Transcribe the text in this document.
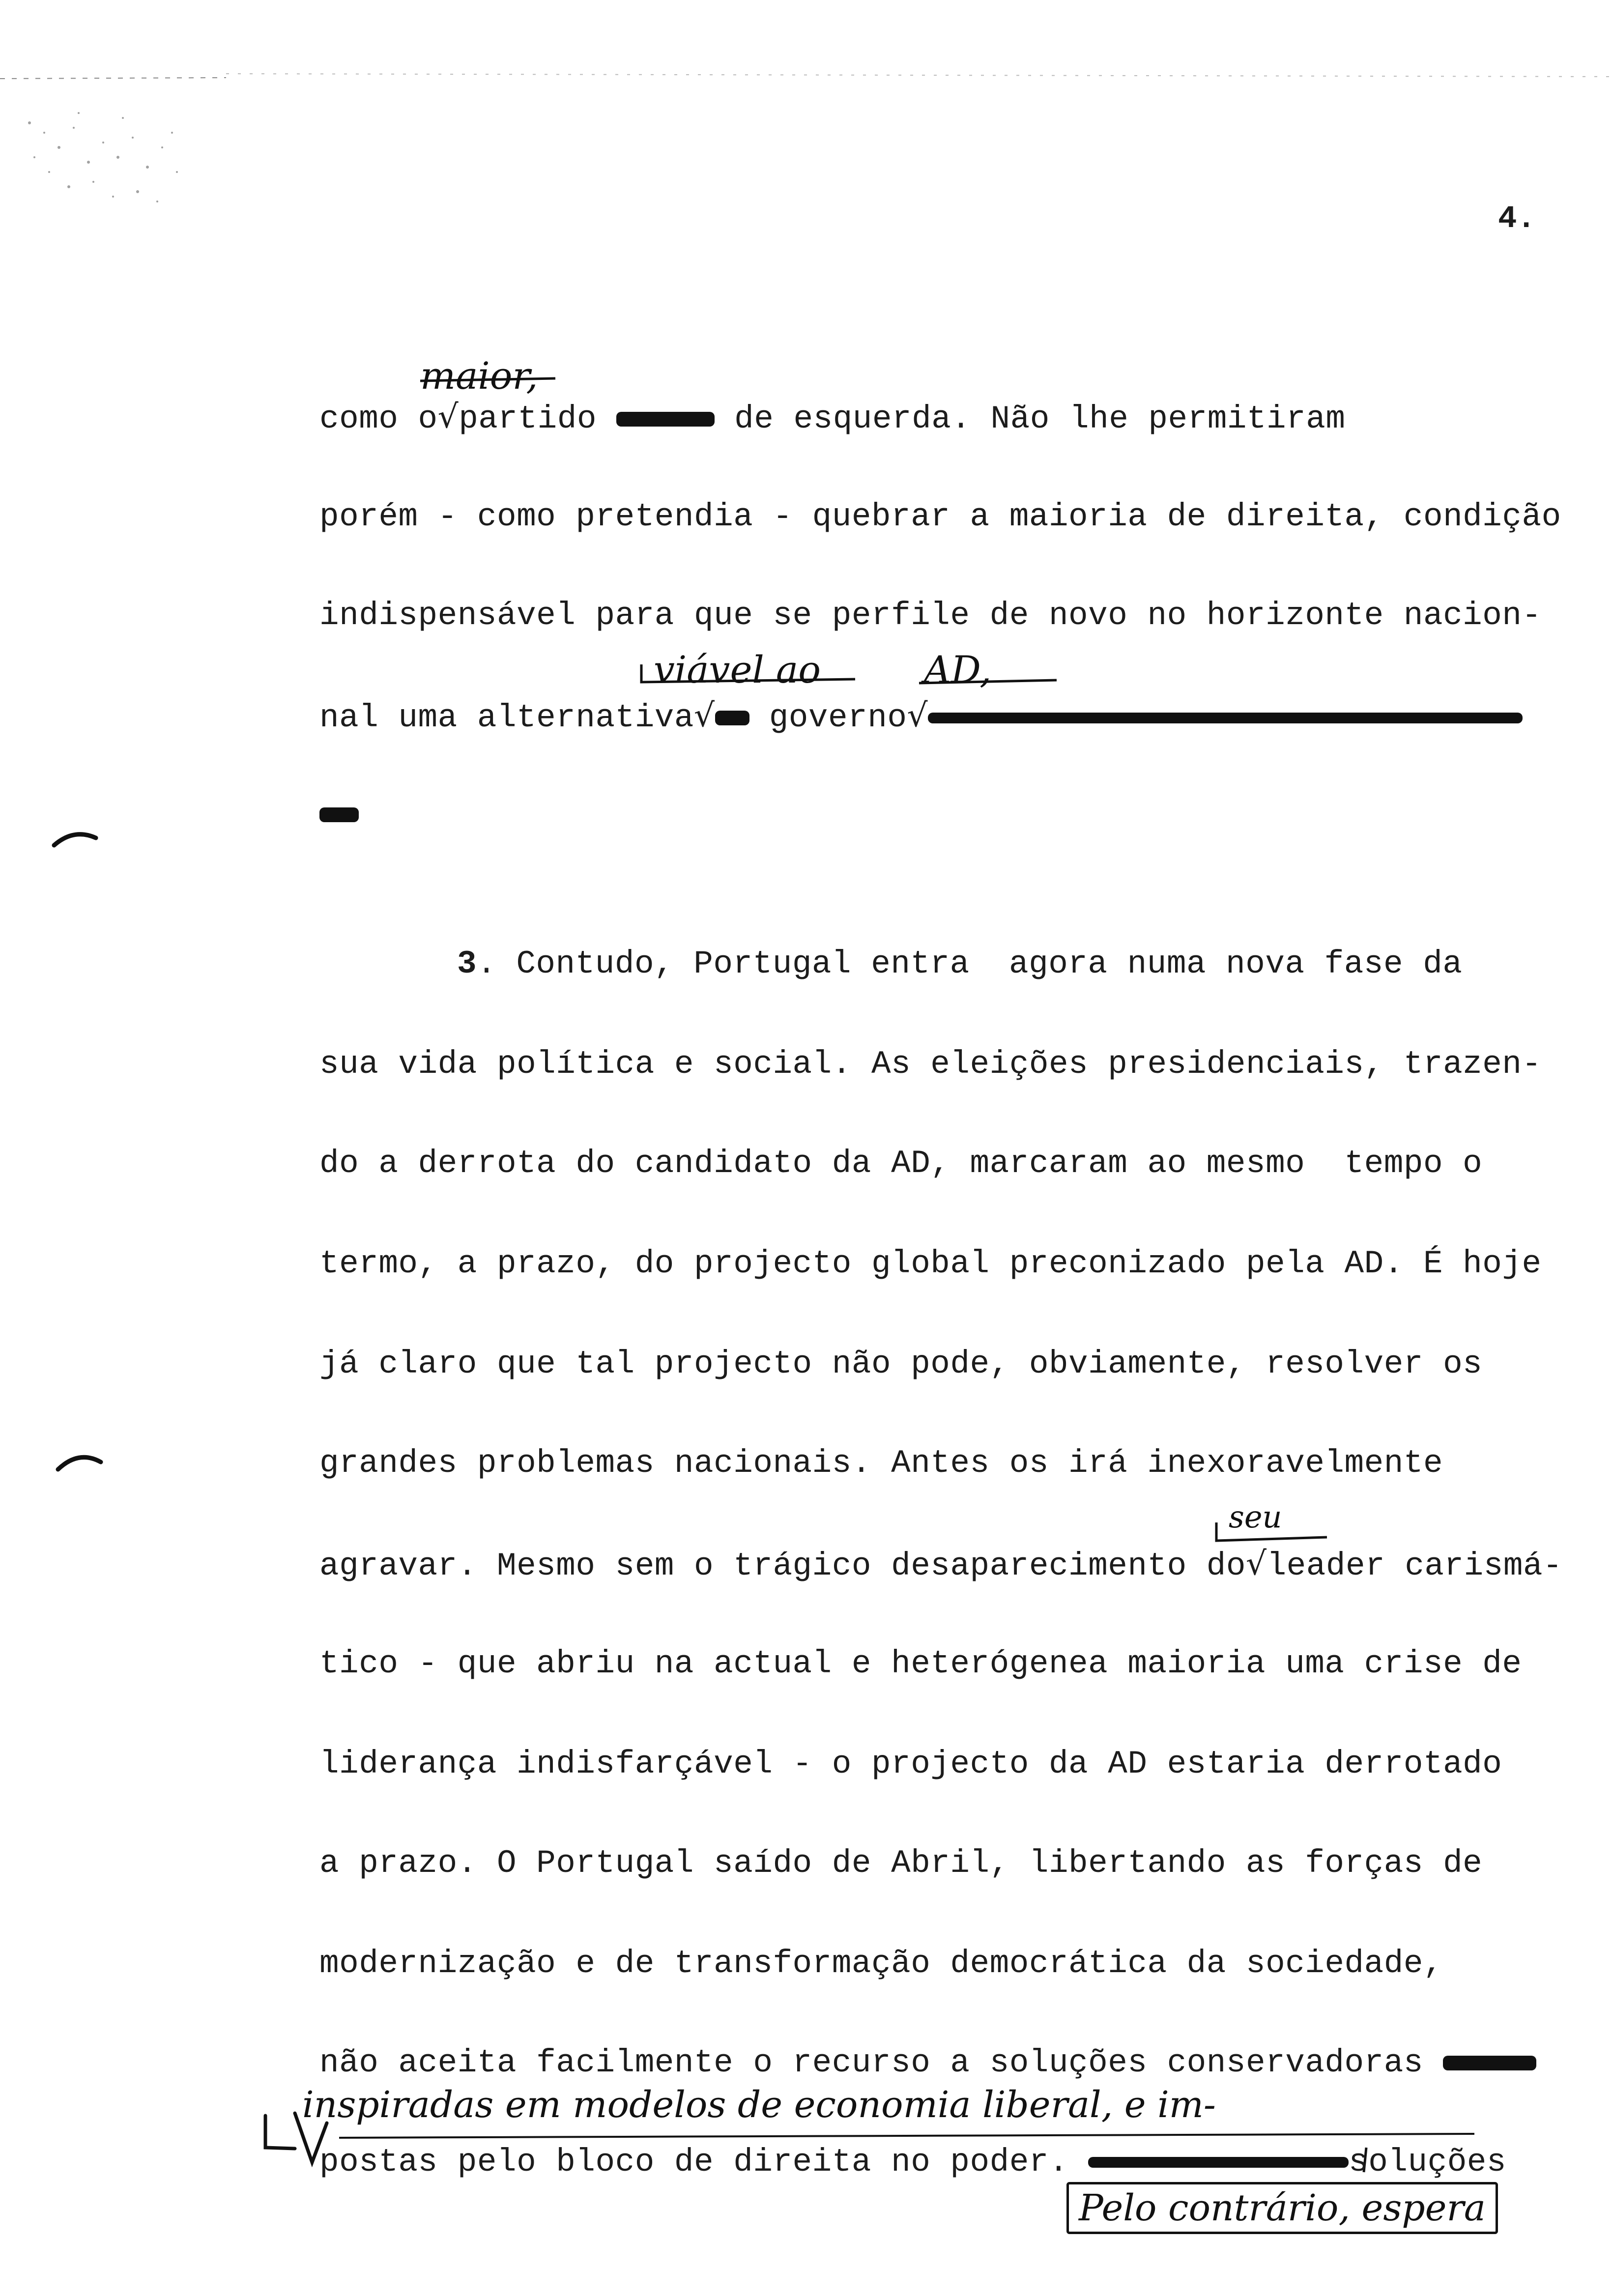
4.
maior,
como o√partido	de esquerda. Não lhe permitiram
porém - como pretendia - quebrar a maioria de direita, condição
indispensável para que se perfile de novo no horizonte nacion-
viável ao	AD,
nal uma alternativa√ governo√
3. Contudo, Portugal entra  agora numa nova fase da
sua vida política e social. As eleições presidenciais, trazen-
do a derrota do candidato da AD, marcaram ao mesmo  tempo o
termo, a prazo, do projecto global preconizado pela AD. É hoje
já claro que tal projecto não pode, obviamente, resolver os
grandes problemas nacionais. Antes os irá inexoravelmente
seu
agravar. Mesmo sem o trágico desaparecimento do√leader carismá-
tico - que abriu na actual e heterógenea maioria uma crise de
liderança indisfarçável - o projecto da AD estaria derrotado
a prazo. O Portugal saído de Abril, libertando as forças de
modernização e de transformação democrática da sociedade,
não aceita facilmente o recurso a soluções conservadoras
inspiradas em modelos de economia liberal, e im-
postas pelo bloco de direita no poder.	soluções
Pelo contrário, espera
